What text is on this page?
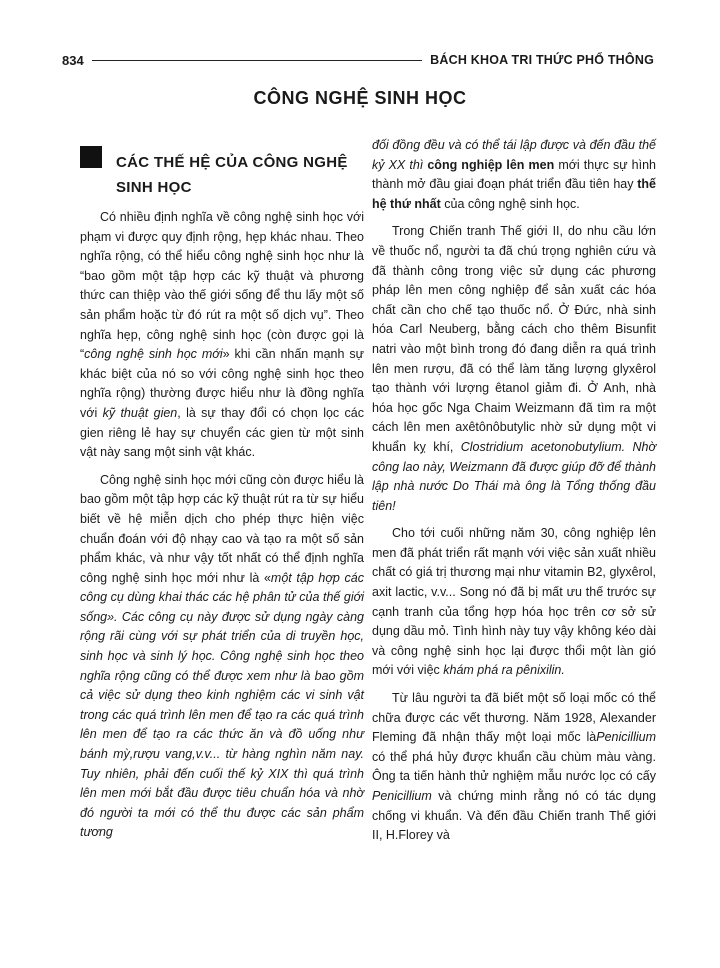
834	BÁCH KHOA TRI THỨC PHỔ THÔNG
CÔNG NGHỆ SINH HỌC
CÁC THẾ HỆ CỦA CÔNG NGHỆ
SINH HỌC

Có nhiều định nghĩa về công nghệ sinh học với phạm vi được quy định rộng, hẹp khác nhau. Theo nghĩa rộng, có thể hiểu công nghệ sinh học như là “bao gồm một tập hợp các kỹ thuật và phương thức can thiệp vào thế giới sống để thu lấy một số sản phẩm hoặc từ đó rút ra một số dịch vụ”. Theo nghĩa hẹp, công nghệ sinh học (còn được gọi là “công nghệ sinh học mới» khi cần nhấn mạnh sự khác biệt của nó so với công nghệ sinh học theo nghĩa rộng) thường được hiểu như là đồng nghĩa với kỹ thuật gien, là sự thay đổi có chọn lọc các gien riêng lẻ hay sự chuyển các gien từ một sinh vật này sang một sinh vật khác.

Công nghệ sinh học mới cũng còn được hiểu là bao gồm một tập hợp các kỹ thuật rút ra từ sự hiểu biết về hệ miễn dịch cho phép thực hiện việc chuẩn đoán với độ nhạy cao và tạo ra một số sản phẩm khác, và như vậy tốt nhất có thể định nghĩa công nghệ sinh học mới như là «một tập hợp các công cụ dùng khai thác các hệ phân tử của thế giới sống». Các công cụ này được sử dụng ngày càng rộng rãi cùng với sự phát triển của di truyền học, sinh học và sinh lý học. Công nghệ sinh học theo nghĩa rộng cũng có thể được xem như là bao gồm cả việc sử dụng theo kinh nghiệm các vi sinh vật trong các quá trình lên men để tạo ra các quá trình lên men để tạo ra các thức ăn và đồ uống như bánh mỳ,rượu vang,v.v... từ hàng nghìn năm nay. Tuy nhiên, phải đến cuối thế kỷ XIX thì quá trình lên men mới bắt đầu được tiêu chuẩn hóa và nhờ đó người ta mới có thể thu được các sản phẩm tương

đối đồng đều và có thể tái lập được và đến đầu thế kỷ XX thì công nghiệp lên men mới thực sự hình thành mở đầu giai đoạn phát triển đầu tiên hay thế hệ thứ nhất của công nghệ sinh học.

Trong Chiến tranh Thế giới II, do nhu cầu lớn về thuốc nổ, người ta đã chú trọng nghiên cứu và đã thành công trong việc sử dụng các phương pháp lên men công nghiệp để sản xuất các hóa chất cần cho chế tạo thuốc nổ. Ở Đức, nhà sinh hóa Carl Neuberg, bằng cách cho thêm Bisunfit natri vào một bình trong đó đang diễn ra quá trình lên men rượu, đã có thể làm tăng lượng glyxêrol tạo thành với lượng êtanol giảm đi. Ở Anh, nhà hóa học gốc Nga Chaim Weizmann đã tìm ra một cách lên men axêtônôbutylic nhờ sử dụng một vi khuẩn kỵ khí, Clostridium acetonobutylium. Nhờ công lao này, Weizmann đã được giúp đỡ để thành lập nhà nước Do Thái mà ông là Tổng thống đầu tiên!

Cho tới cuối những năm 30, công nghiệp lên men đã phát triển rất mạnh với việc sản xuất nhiều chất có giá trị thương mại như vitamin B2, glyxêrol, axit lactic, v.v... Song nó đã bị mất ưu thế trước sự cạnh tranh của tổng hợp hóa học trên cơ sở sử dụng dầu mỏ. Tình hình này tuy vậy không kéo dài và công nghệ sinh học lại được thổi một làn gió mới với việc khám phá ra pênixilin.

Từ lâu người ta đã biết một số loại mốc có thể chữa được các vết thương. Năm 1928, Alexander Fleming đã nhận thấy một loại mốc làPenicillium có thể phá hủy được khuẩn cầu chùm màu vàng. Ông ta tiến hành thử nghiệm mẫu nước lọc có cấy Penicillium và chứng minh rằng nó có tác dụng chống vi khuẩn. Và đến đầu Chiến tranh Thế giới II, H.Florey và
